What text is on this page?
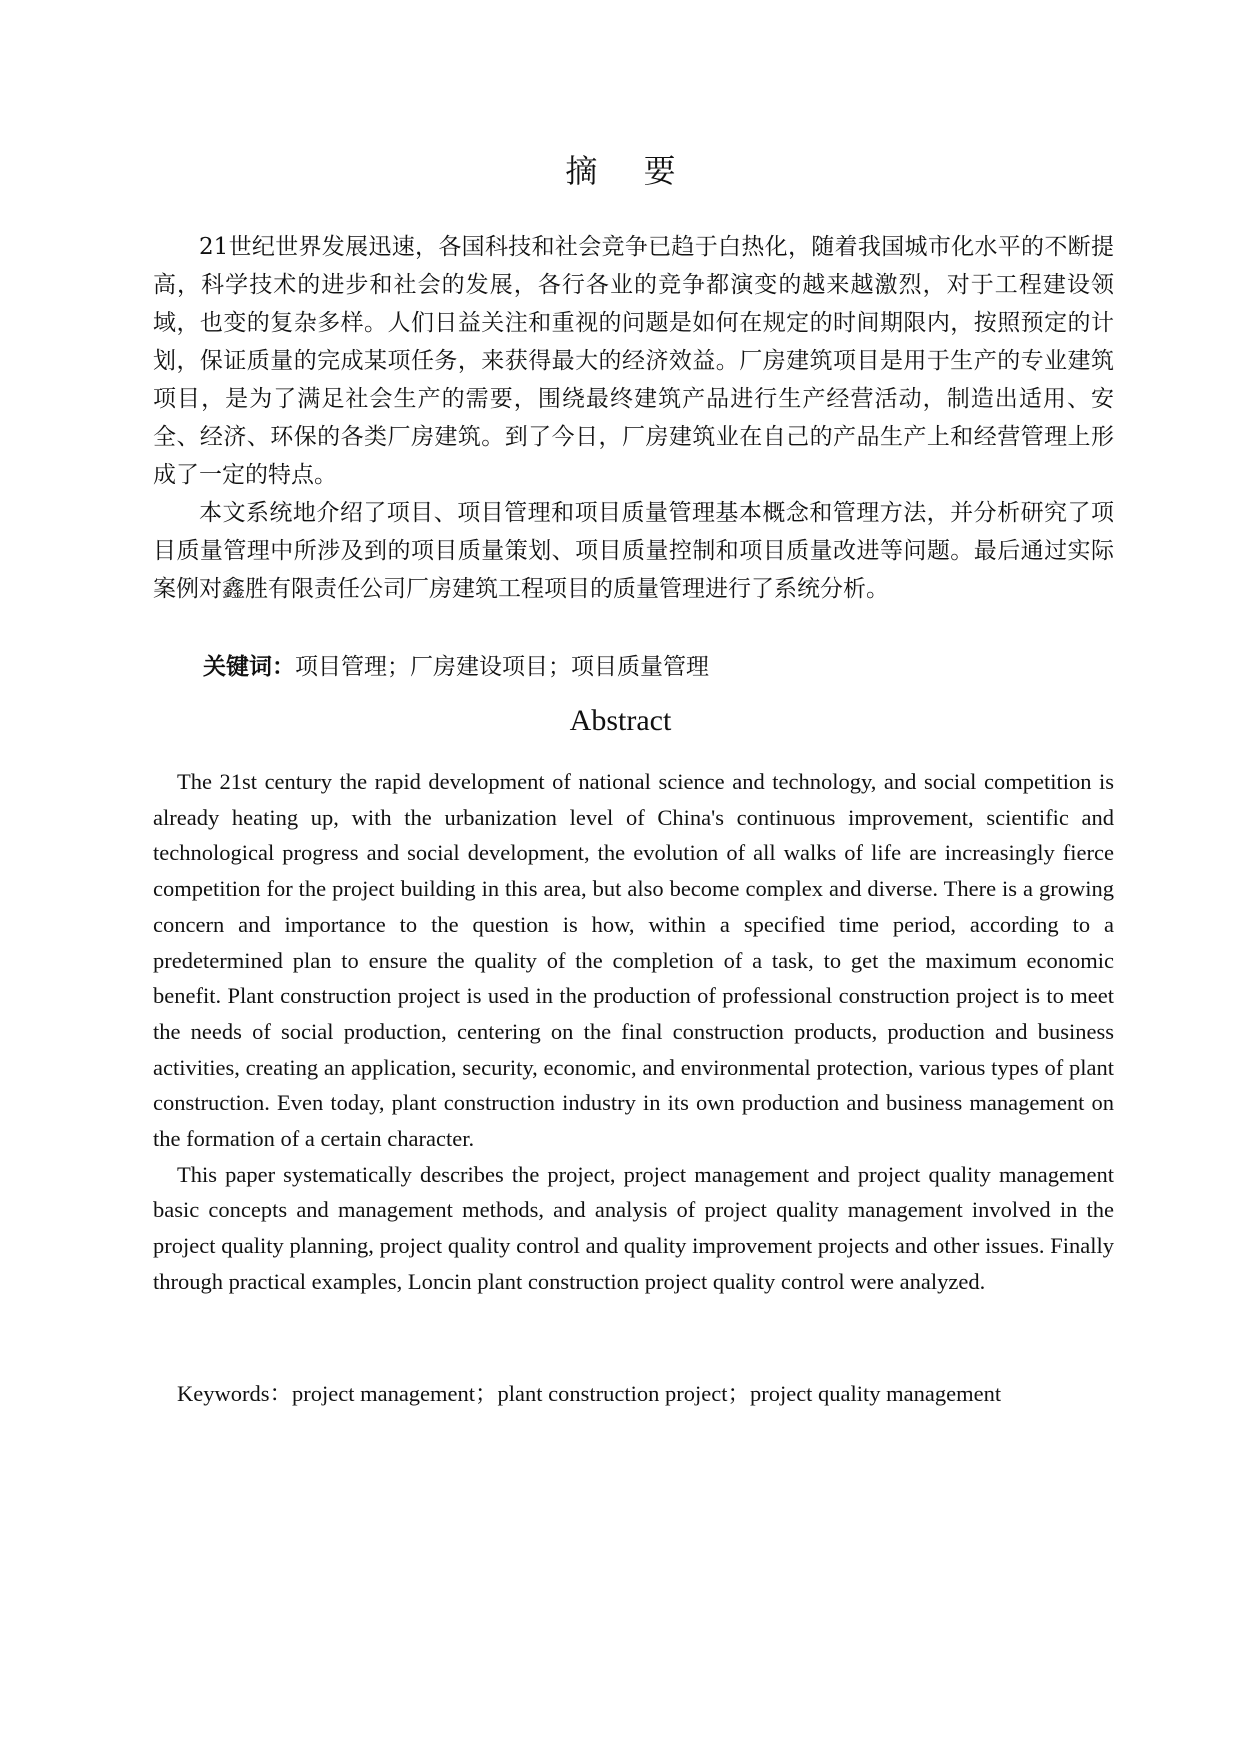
摘 要

21世纪世界发展迅速，各国科技和社会竞争已趋于白热化，随着我国城市化水平的不断提高，科学技术的进步和社会的发展，各行各业的竞争都演变的越来越激烈，对于工程建设领域，也变的复杂多样。人们日益关注和重视的问题是如何在规定的时间期限内，按照预定的计划，保证质量的完成某项任务，来获得最大的经济效益。厂房建筑项目是用于生产的专业建筑项目，是为了满足社会生产的需要，围绕最终建筑产品进行生产经营活动，制造出适用、安全、经济、环保的各类厂房建筑。到了今日，厂房建筑业在自己的产品生产上和经营管理上形成了一定的特点。

本文系统地介绍了项目、项目管理和项目质量管理基本概念和管理方法，并分析研究了项目质量管理中所涉及到的项目质量策划、项目质量控制和项目质量改进等问题。最后通过实际案例对鑫胜有限责任公司厂房建筑工程项目的质量管理进行了系统分析。

关键词：项目管理；厂房建设项目；项目质量管理
Abstract

The 21st century the rapid development of national science and technology, and social competition is already heating up, with the urbanization level of China's continuous improvement, scientific and technological progress and social development, the evolution of all walks of life are increasingly fierce competition for the project building in this area, but also become complex and diverse. There is a growing concern and importance to the question is how, within a specified time period, according to a predetermined plan to ensure the quality of the completion of a task, to get the maximum economic benefit. Plant construction project is used in the production of professional construction project is to meet the needs of social production, centering on the final construction products, production and business activities, creating an application, security, economic, and environmental protection, various types of plant construction. Even today, plant construction industry in its own production and business management on the formation of a certain character.

This paper systematically describes the project, project management and project quality management basic concepts and management methods, and analysis of project quality management involved in the project quality planning, project quality control and quality improvement projects and other issues. Finally through practical examples, Loncin plant construction project quality control were analyzed.

Keywords：project management；plant construction project；project quality management
